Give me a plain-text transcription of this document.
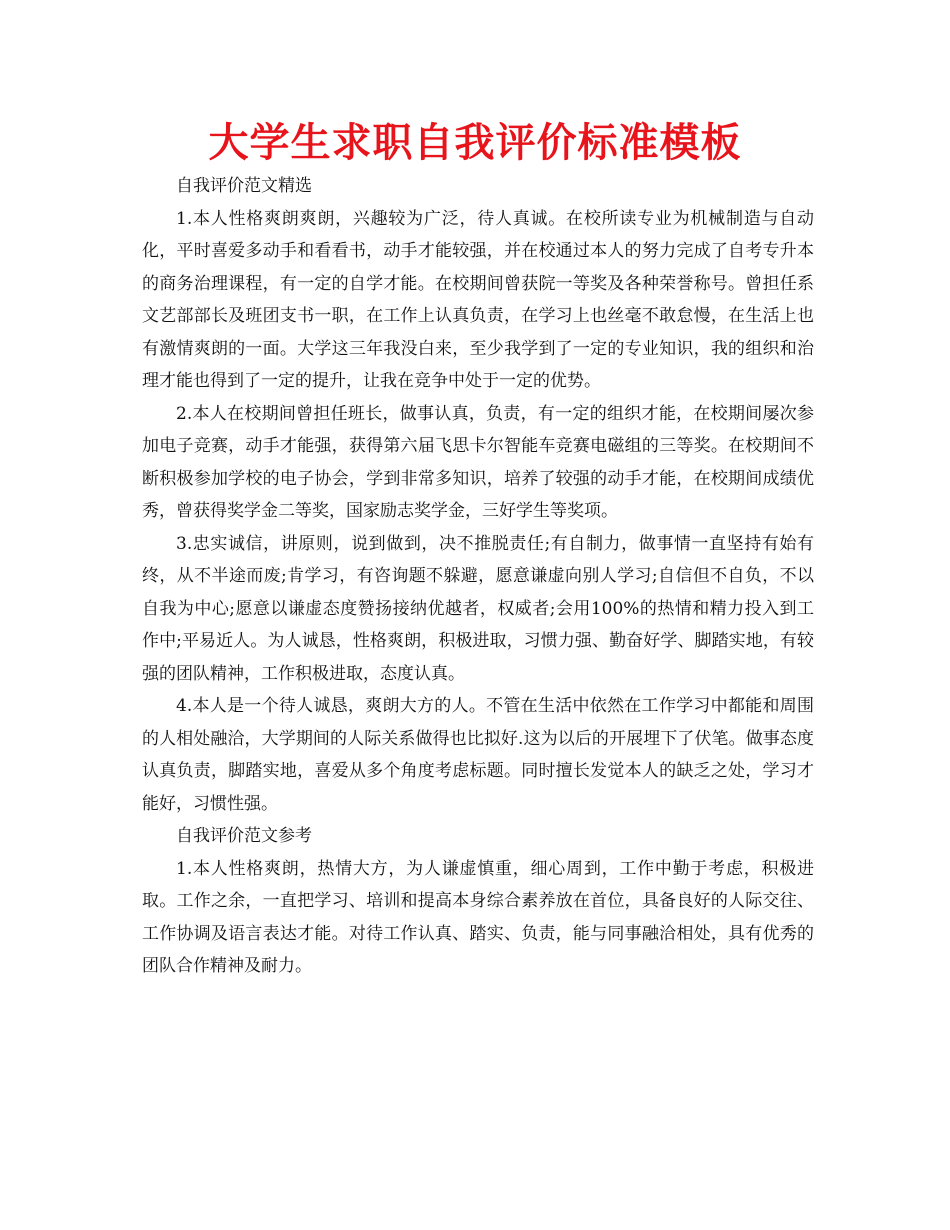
大学生求职自我评价标准模板

自我评价范文精选

1.本人性格爽朗爽朗，兴趣较为广泛，待人真诚。在校所读专业为机械制造与自动化，平时喜爱多动手和看看书，动手才能较强，并在校通过本人的努力完成了自考专升本的商务治理课程，有一定的自学才能。在校期间曾获院一等奖及各种荣誉称号。曾担任系文艺部部长及班团支书一职，在工作上认真负责，在学习上也丝毫不敢怠慢，在生活上也有激情爽朗的一面。大学这三年我没白来，至少我学到了一定的专业知识，我的组织和治理才能也得到了一定的提升，让我在竞争中处于一定的优势。

2.本人在校期间曾担任班长，做事认真，负责，有一定的组织才能，在校期间屡次参加电子竞赛，动手才能强，获得第六届飞思卡尔智能车竞赛电磁组的三等奖。在校期间不断积极参加学校的电子协会，学到非常多知识，培养了较强的动手才能，在校期间成绩优秀，曾获得奖学金二等奖，国家励志奖学金，三好学生等奖项。

3.忠实诚信，讲原则，说到做到，决不推脱责任;有自制力，做事情一直坚持有始有终，从不半途而废;肯学习，有咨询题不躲避，愿意谦虚向别人学习;自信但不自负，不以自我为中心;愿意以谦虚态度赞扬接纳优越者，权威者;会用100%的热情和精力投入到工作中;平易近人。为人诚恳，性格爽朗，积极进取，习惯力强、勤奋好学、脚踏实地，有较强的团队精神，工作积极进取，态度认真。

4.本人是一个待人诚恳，爽朗大方的人。不管在生活中依然在工作学习中都能和周围的人相处融洽，大学期间的人际关系做得也比拟好.这为以后的开展埋下了伏笔。做事态度认真负责，脚踏实地，喜爱从多个角度考虑标题。同时擅长发觉本人的缺乏之处，学习才能好，习惯性强。

自我评价范文参考

1.本人性格爽朗，热情大方，为人谦虚慎重，细心周到，工作中勤于考虑，积极进取。工作之余，一直把学习、培训和提高本身综合素养放在首位，具备良好的人际交往、工作协调及语言表达才能。对待工作认真、踏实、负责，能与同事融洽相处，具有优秀的团队合作精神及耐力。
